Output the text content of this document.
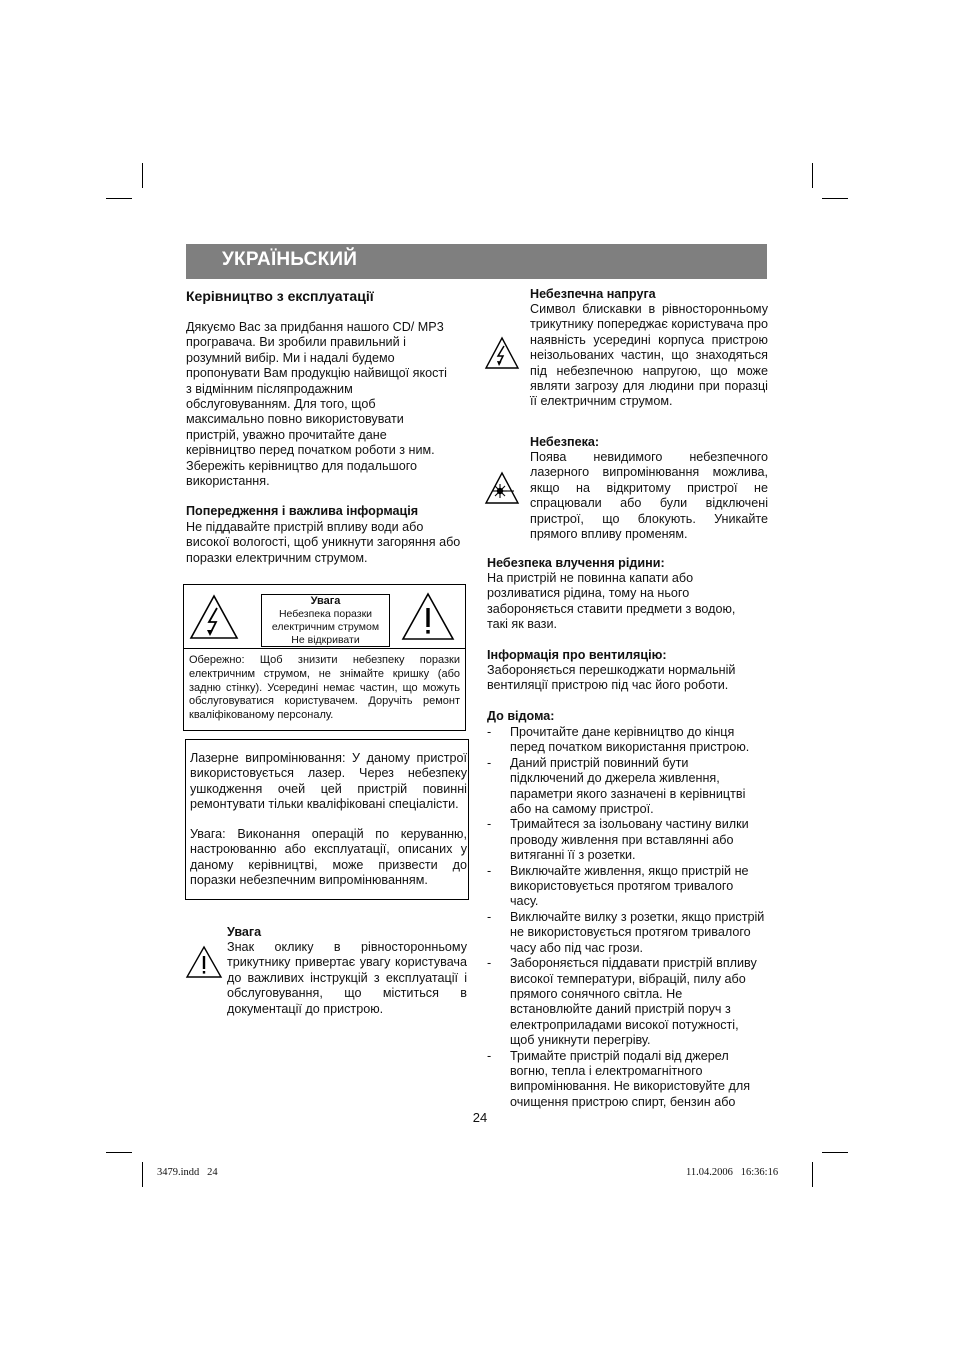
УКРАЇНЬСКИЙ
Керівництво з експлуатації
Дякуємо Вас за придбання нашого CD/ MP3 програвача. Ви зробили правильний і розумний вибір. Ми і надалі будемо пропонувати Вам продукцію найвищої якості з відмінним післяпродажним обслуговуванням. Для того, щоб максимально повно використовувати пристрій, уважно прочитайте дане керівництво перед початком роботи з ним. Збережіть керівництво для подальшого використання.
Попередження і важлива інформація
Не піддавайте пристрій впливу води або високої вологості, щоб уникнути загоряння або поразки електричним струмом.
Увага
Небезпека поразки
електричним струмом
Не відкривати
Обережно: Щоб знизити небезпеку поразки електричним струмом, не знімайте кришку (або задню стінку). Усередині немає частин, що можуть обслуговуватися користувачем. Доручіть ремонт кваліфікованому персоналу.
Лазерне випромінювання: У даному пристрої використовується лазер. Через небезпеку ушкодження очей цей пристрій повинні ремонтувати тільки кваліфіковані спеціалісти.
Увага: Виконання операцій по керуванню, настроюванню або експлуатації, описаних у даному керівництві, може призвести до поразки небезпечним випромінюванням.
Увага
Знак оклику в рівносторонньому трикутнику привертає увагу користувача до важливих інструкцій з експлуатації і обслуговування, що міститься в документації до пристрою.
Небезпечна напруга
Символ блискавки в рівносторонньому трикутнику попереджає користувача про наявність усередині корпуса пристрою неізольованих частин, що знаходяться під небезпечною напругою, що може являти загрозу для людини при поразці її електричним струмом.
Небезпека:
Поява невидимого небезпечного лазерного випромінювання можлива, якщо на відкритому пристрої не спрацювали або були відключені пристрої, що блокують. Уникайте прямого впливу променям.
Небезпека влучення рідини:
На пристрій не повинна капати або розливатися рідина, тому на нього забороняється ставити предмети з водою, такі як вази.
Інформація про вентиляцію:
Забороняється перешкоджати нормальній вентиляції пристрою під час його роботи.
До відома:
- Прочитайте дане керівництво до кінця перед початком використання пристрою.
- Даний пристрій повинний бути підключений до джерела живлення, параметри якого зазначені в керівництві або на самому пристрої.
- Тримайтеся за ізольовану частину вилки проводу живлення при вставлянні або витяганні її з розетки.
- Виключайте живлення, якщо пристрій не використовується протягом тривалого часу.
- Виключайте вилку з розетки, якщо пристрій не використовується протягом тривалого часу або під час грози.
- Забороняється піддавати пристрій впливу високої температури, вібрацій, пилу або прямого сонячного світла. Не встановлюйте даний пристрій поруч з електроприладами високої потужності, щоб уникнути перегріву.
- Тримайте пристрій подалі від джерел вогню, тепла і електромагнітного випромінювання. Не використовуйте для очищення пристрою спирт, бензин або
24
3479.indd   24	11.04.2006   16:36:16
